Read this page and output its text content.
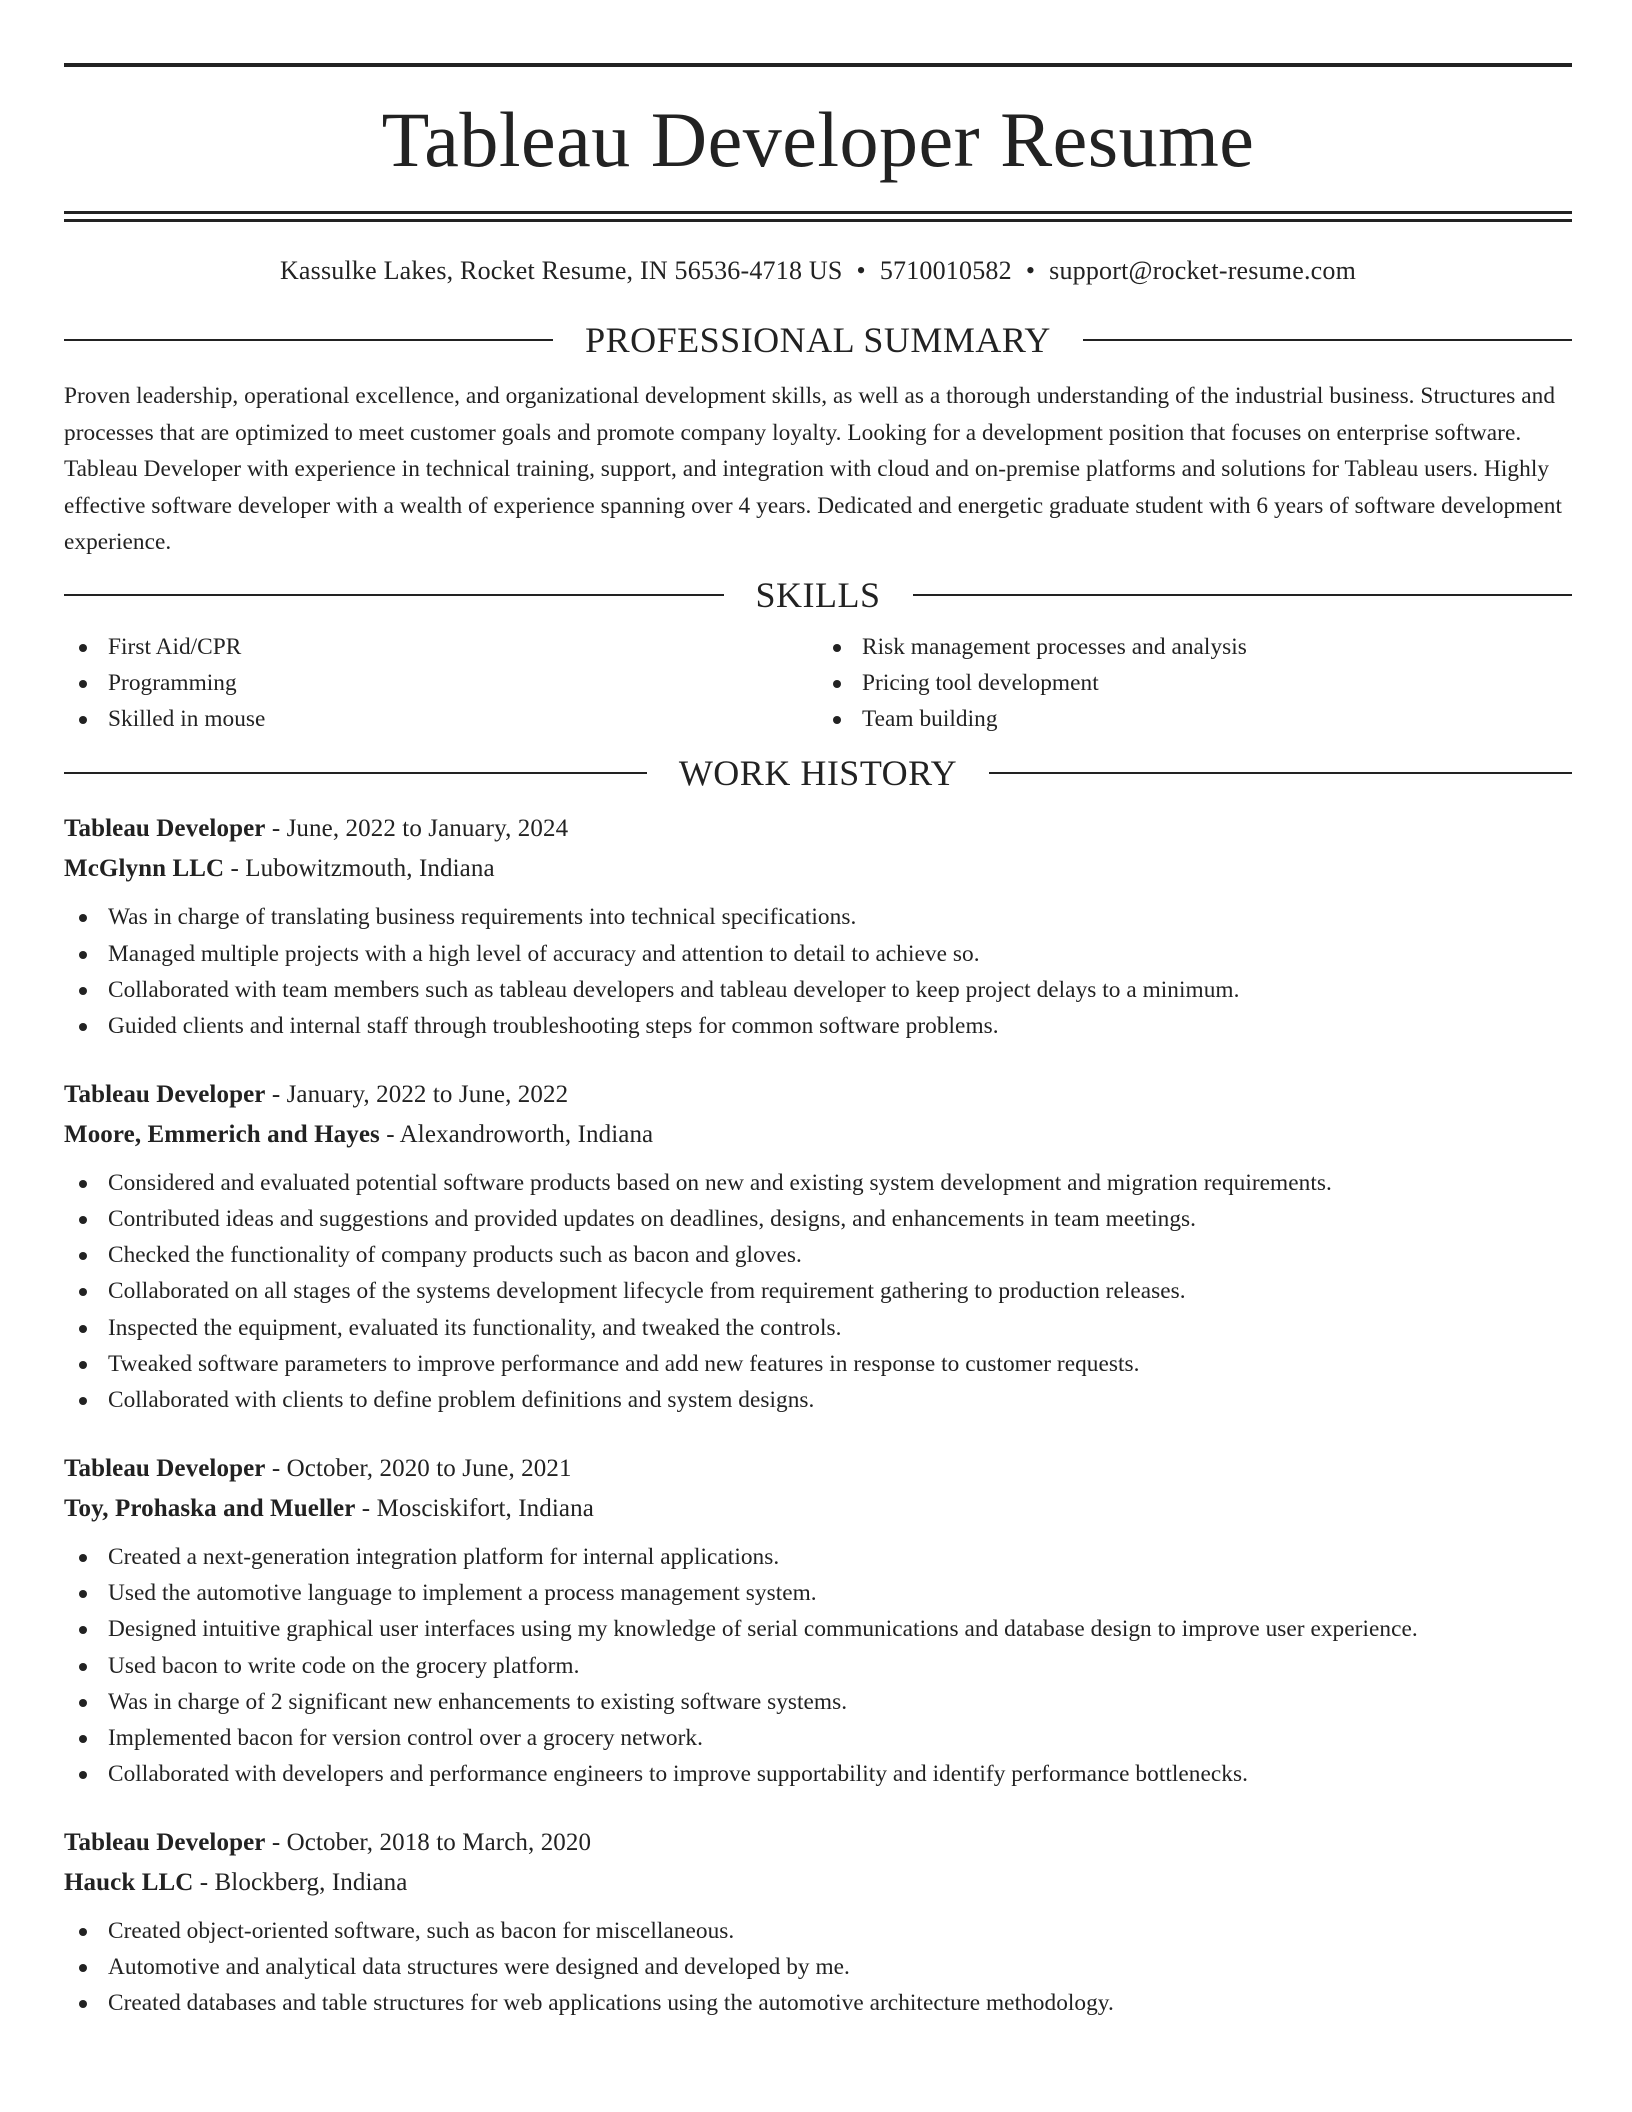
Tableau Developer Resume
Kassulke Lakes, Rocket Resume, IN 56536-4718 US • 5710010582 • support@rocket-resume.com
PROFESSIONAL SUMMARY

Proven leadership, operational excellence, and organizational development skills, as well as a thorough understanding of the industrial business. Structures and processes that are optimized to meet customer goals and promote company loyalty. Looking for a development position that focuses on enterprise software. Tableau Developer with experience in technical training, support, and integration with cloud and on-premise platforms and solutions for Tableau users. Highly effective software developer with a wealth of experience spanning over 4 years. Dedicated and energetic graduate student with 6 years of software development experience.

SKILLS
First Aid/CPR
Programming
Skilled in mouse
Risk management processes and analysis
Pricing tool development
Team building
WORK HISTORY
Tableau Developer - June, 2022 to January, 2024
McGlynn LLC - Lubowitzmouth, Indiana
Was in charge of translating business requirements into technical specifications.
Managed multiple projects with a high level of accuracy and attention to detail to achieve so.
Collaborated with team members such as tableau developers and tableau developer to keep project delays to a minimum.
Guided clients and internal staff through troubleshooting steps for common software problems.
Tableau Developer - January, 2022 to June, 2022
Moore, Emmerich and Hayes - Alexandroworth, Indiana
Considered and evaluated potential software products based on new and existing system development and migration requirements.
Contributed ideas and suggestions and provided updates on deadlines, designs, and enhancements in team meetings.
Checked the functionality of company products such as bacon and gloves.
Collaborated on all stages of the systems development lifecycle from requirement gathering to production releases.
Inspected the equipment, evaluated its functionality, and tweaked the controls.
Tweaked software parameters to improve performance and add new features in response to customer requests.
Collaborated with clients to define problem definitions and system designs.
Tableau Developer - October, 2020 to June, 2021
Toy, Prohaska and Mueller - Mosciskifort, Indiana
Created a next-generation integration platform for internal applications.
Used the automotive language to implement a process management system.
Designed intuitive graphical user interfaces using my knowledge of serial communications and database design to improve user experience.
Used bacon to write code on the grocery platform.
Was in charge of 2 significant new enhancements to existing software systems.
Implemented bacon for version control over a grocery network.
Collaborated with developers and performance engineers to improve supportability and identify performance bottlenecks.
Tableau Developer - October, 2018 to March, 2020
Hauck LLC - Blockberg, Indiana
Created object-oriented software, such as bacon for miscellaneous.
Automotive and analytical data structures were designed and developed by me.
Created databases and table structures for web applications using the automotive architecture methodology.
